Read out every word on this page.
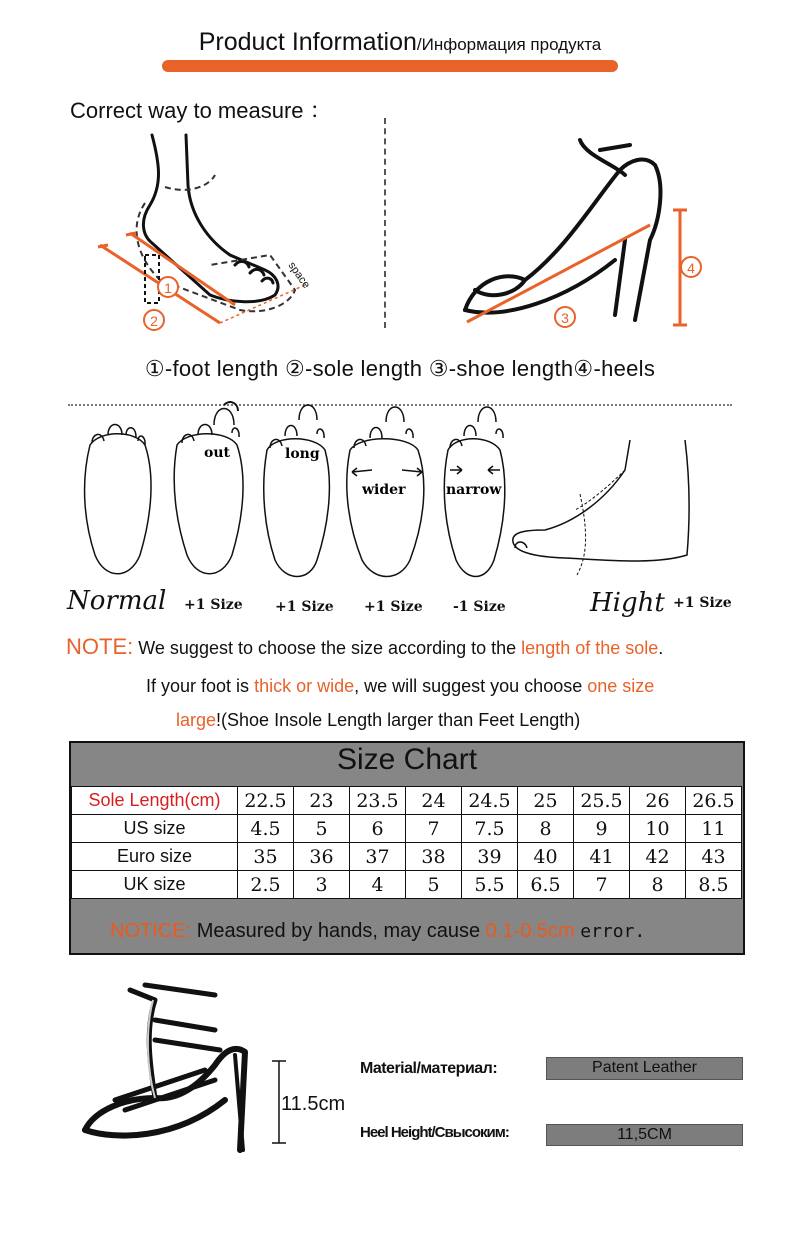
Product Information/Информация продукта
Correct way to measure ：
1
2
space
3
4
①-foot length ②-sole length ③-shoe length④-heels
out	long
wider	narrow
Normal +1 Size +1 Size +1 Size -1 Size	Hight +1 Size
NOTE: We suggest to choose the size according to the length of the sole.
If your foot is thick or wide, we will suggest you choose one size
large!(Shoe Insole Length larger than Feet Length)
Size Chart
Sole Length(cm)	22.5	23	23.5	24	24.5	25	25.5	26	26.5
US size	4.5	5	6	7	7.5	8	9	10	11
Euro size	35	36	37	38	39	40	41	42	43
UK size	2.5	3	4	5	5.5	6.5	7	8	8.5
NOTICE: Measured by hands, may cause 0.1-0.5cm error.
11.5cm
Material/материал:	Patent Leather
Heel Height/Свысоким:	11,5CM
